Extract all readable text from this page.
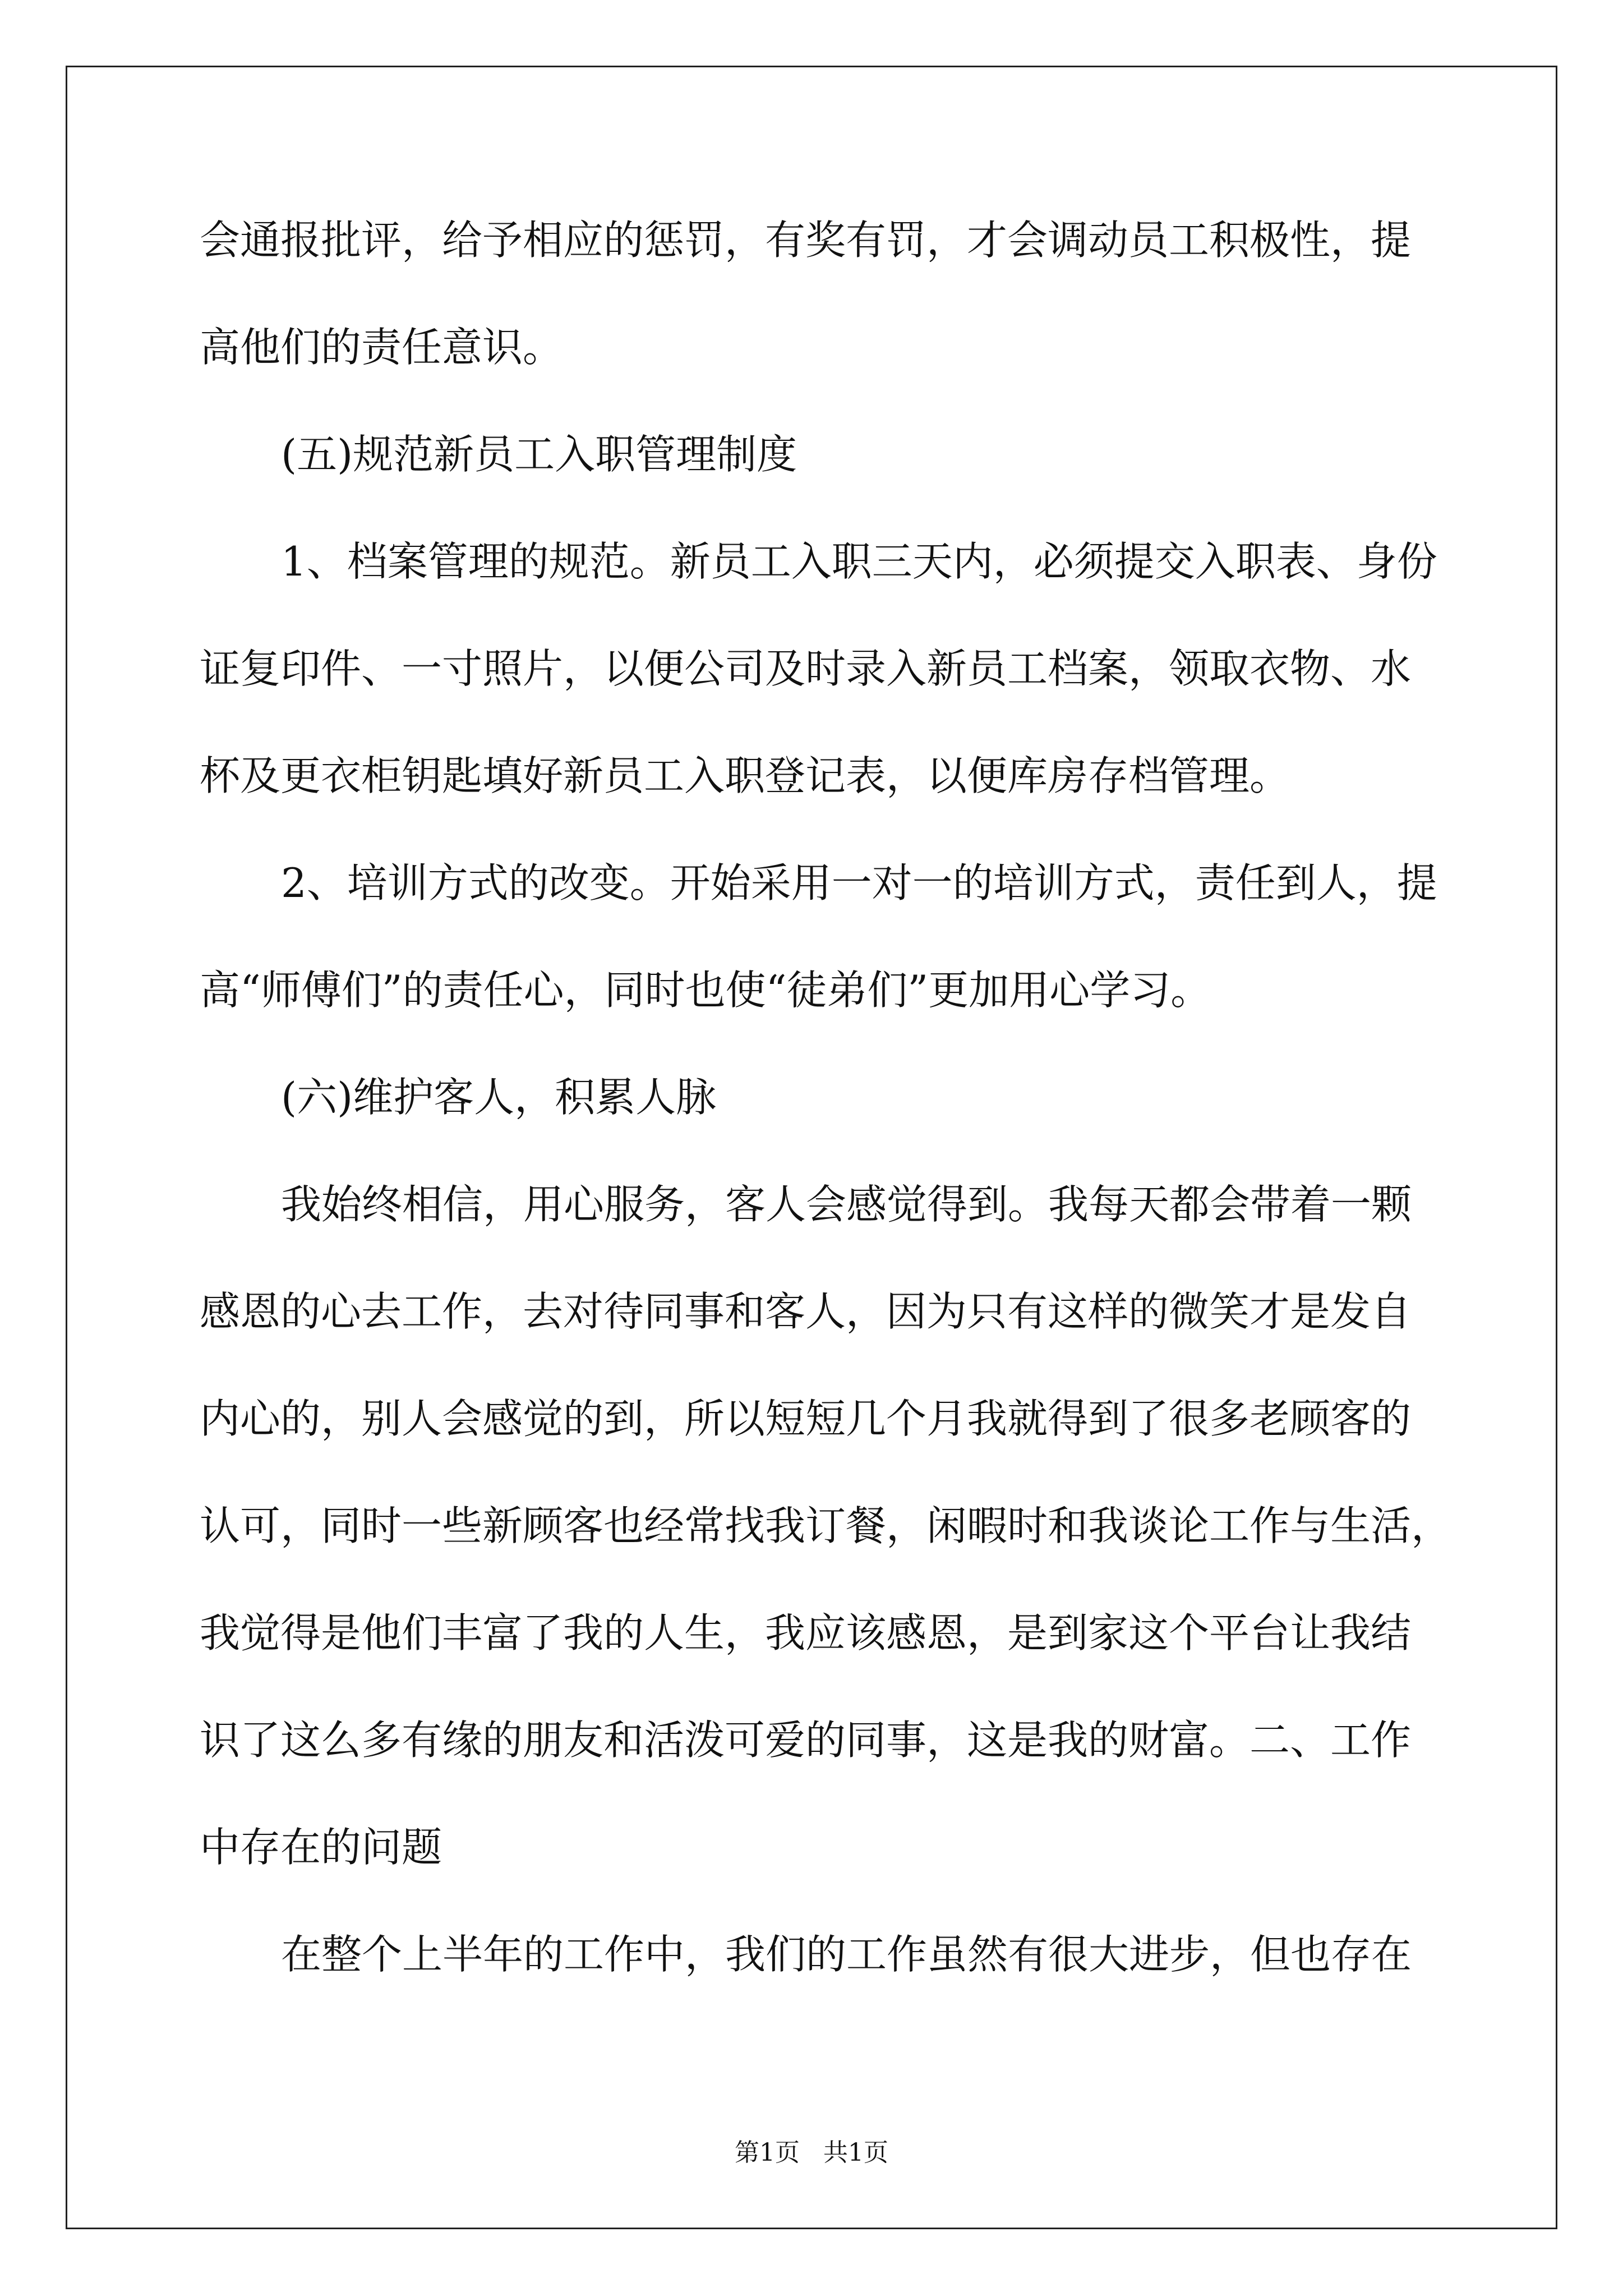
会通报批评，给予相应的惩罚，有奖有罚，才会调动员工积极性，提
高他们的责任意识。
(五)规范新员工入职管理制度
1、档案管理的规范。新员工入职三天内，必须提交入职表、身份
证复印件、一寸照片，以便公司及时录入新员工档案，领取衣物、水
杯及更衣柜钥匙填好新员工入职登记表，以便库房存档管理。
2、培训方式的改变。开始采用一对一的培训方式，责任到人，提
高“师傅们”的责任心，同时也使“徒弟们”更加用心学习。
(六)维护客人，积累人脉
我始终相信，用心服务，客人会感觉得到。我每天都会带着一颗
感恩的心去工作，去对待同事和客人，因为只有这样的微笑才是发自
内心的，别人会感觉的到，所以短短几个月我就得到了很多老顾客的
认可，同时一些新顾客也经常找我订餐，闲暇时和我谈论工作与生活，
我觉得是他们丰富了我的人生，我应该感恩，是到家这个平台让我结
识了这么多有缘的朋友和活泼可爱的同事，这是我的财富。二、工作
中存在的问题
在整个上半年的工作中，我们的工作虽然有很大进步，但也存在
第1页   共1页
